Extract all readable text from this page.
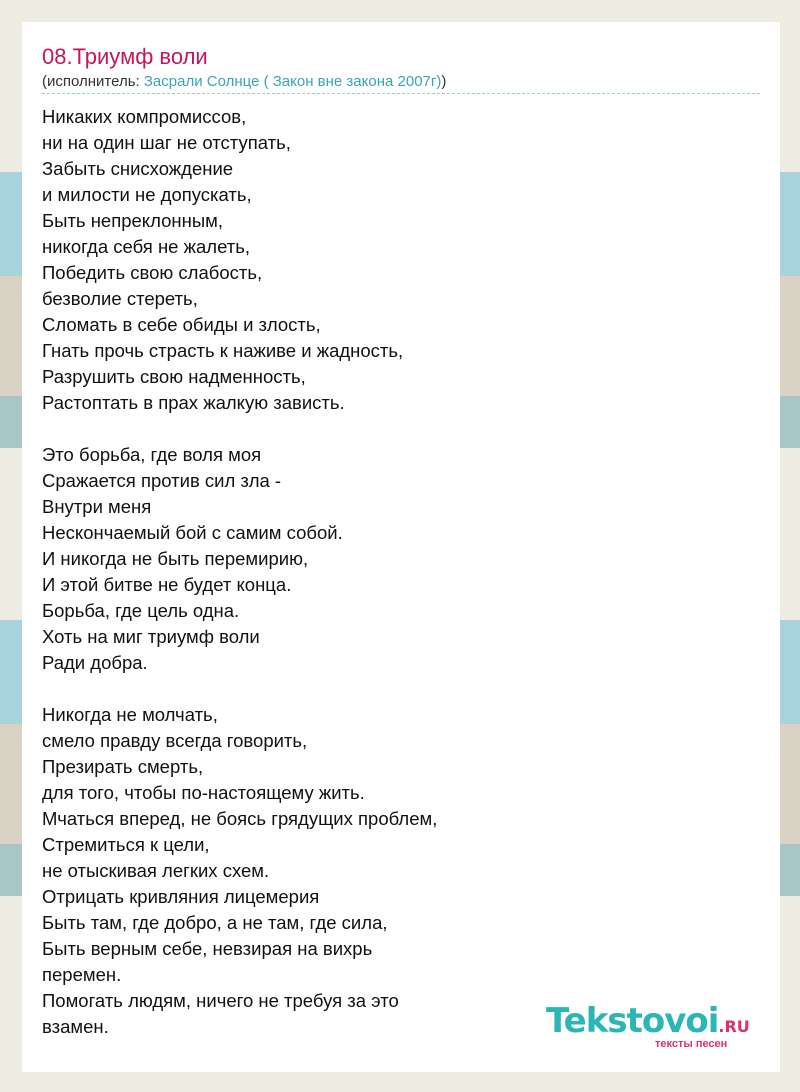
08.Триумф воли
(исполнитель: Засрали Солнце ( Закон вне закона 2007г))
Никаких компромиссов,
ни на один шаг не отступать,
Забыть снисхождение
и милости не допускать,
Быть непреклонным,
никогда себя не жалеть,
Победить свою слабость,
безволие стереть,
Сломать в себе обиды и злость,
Гнать прочь страсть к наживе и жадность,
Разрушить свою надменность,
Растоптать в прах жалкую зависть.
Это борьба, где воля моя
Сражается против сил зла -
Внутри меня
Нескончаемый бой с самим собой.
И никогда не быть перемирию,
И этой битве не будет конца.
Борьба, где цель одна.
Хоть на миг триумф воли
Ради добра.
Никогда не молчать,
смело правду всегда говорить,
Презирать смерть,
для того, чтобы по-настоящему жить.
Мчаться вперед, не боясь грядущих проблем,
Стремиться к цели,
не отыскивая легких схем.
Отрицать кривляния лицемерия
Быть там, где добро, а не там, где сила,
Быть верным себе, невзирая на вихрь
перемен.
Помогать людям, ничего не требуя за это
взамен.	Tekstovoi.RU
тексты песен
